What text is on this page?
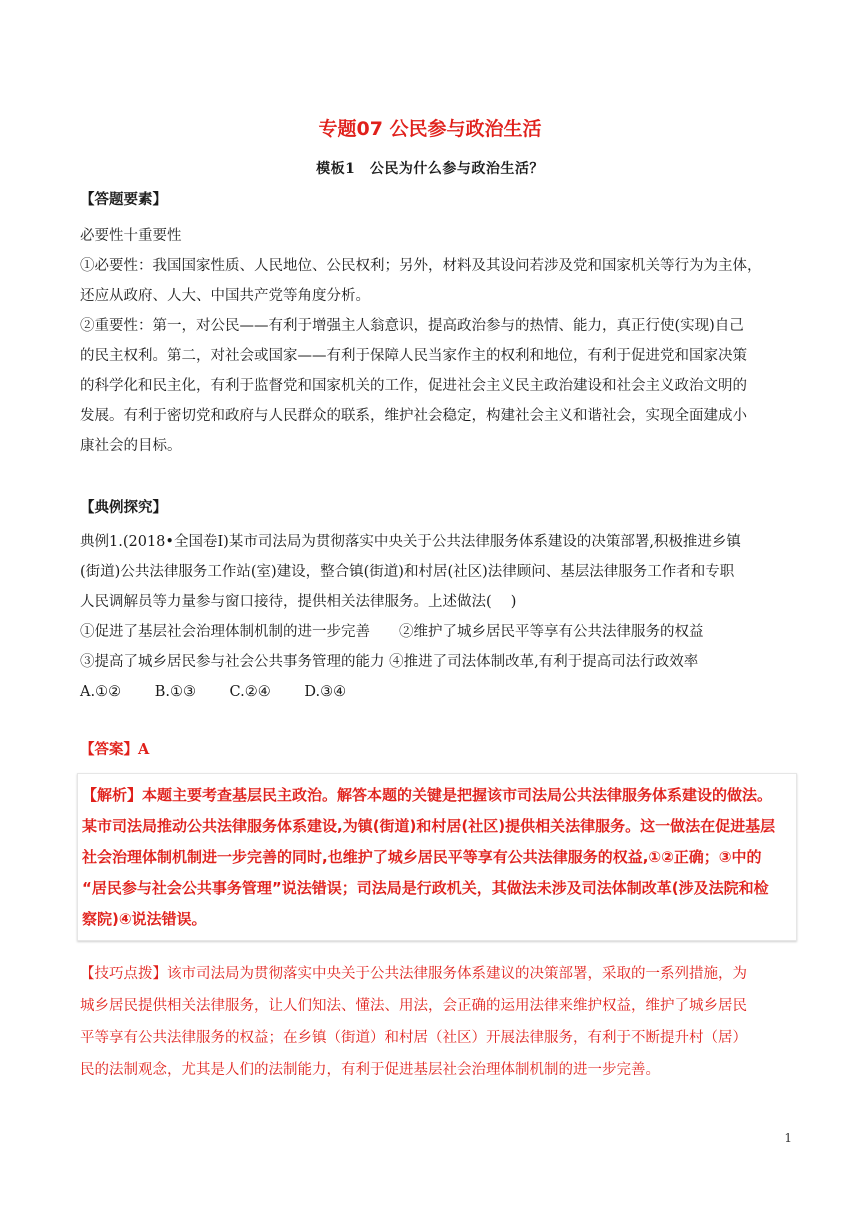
专题07 公民参与政治生活
模板1　公民为什么参与政治生活？
【答题要素】
必要性十重要性
①必要性：我国国家性质、人民地位、公民权利；另外，材料及其设问若涉及党和国家机关等行为为主体，
还应从政府、人大、中国共产党等角度分析。
②重要性：第一，对公民——有利于增强主人翁意识，提高政治参与的热情、能力，真正行使(实现)自己
的民主权利。第二，对社会或国家——有利于保障人民当家作主的权利和地位，有利于促进党和国家决策
的科学化和民主化，有利于监督党和国家机关的工作，促进社会主义民主政治建设和社会主义政治文明的
发展。有利于密切党和政府与人民群众的联系，维护社会稳定，构建社会主义和谐社会，实现全面建成小
康社会的目标。
【典例探究】
典例1.(2018•全国卷Ⅰ)某市司法局为贯彻落实中央关于公共法律服务体系建设的决策部署,积极推进乡镇
(街道)公共法律服务工作站(室)建设，整合镇(街道)和村居(社区)法律顾问、基层法律服务工作者和专职
人民调解员等力量参与窗口接待，提供相关法律服务。上述做法(　 )
①促进了基层社会治理体制机制的进一步完善　　②维护了城乡居民平等享有公共法律服务的权益
③提高了城乡居民参与社会公共事务管理的能力 ④推进了司法体制改革,有利于提高司法行政效率
A.①②　　 B.①③　　 C.②④　　 D.③④
【答案】A
【解析】本题主要考查基层民主政治。解答本题的关键是把握该市司法局公共法律服务体系建设的做法。
某市司法局推动公共法律服务体系建设,为镇(街道)和村居(社区)提供相关法律服务。这一做法在促进基层
社会治理体制机制进一步完善的同时,也维护了城乡居民平等享有公共法律服务的权益,①②正确；③中的
“居民参与社会公共事务管理”说法错误；司法局是行政机关，其做法未涉及司法体制改革(涉及法院和检
察院)④说法错误。
【技巧点拨】该市司法局为贯彻落实中央关于公共法律服务体系建议的决策部署，采取的一系列措施，为
城乡居民提供相关法律服务，让人们知法、懂法、用法，会正确的运用法律来维护权益，维护了城乡居民
平等享有公共法律服务的权益；在乡镇（街道）和村居（社区）开展法律服务，有利于不断提升村（居）
民的法制观念，尤其是人们的法制能力，有利于促进基层社会治理体制机制的进一步完善。
1
